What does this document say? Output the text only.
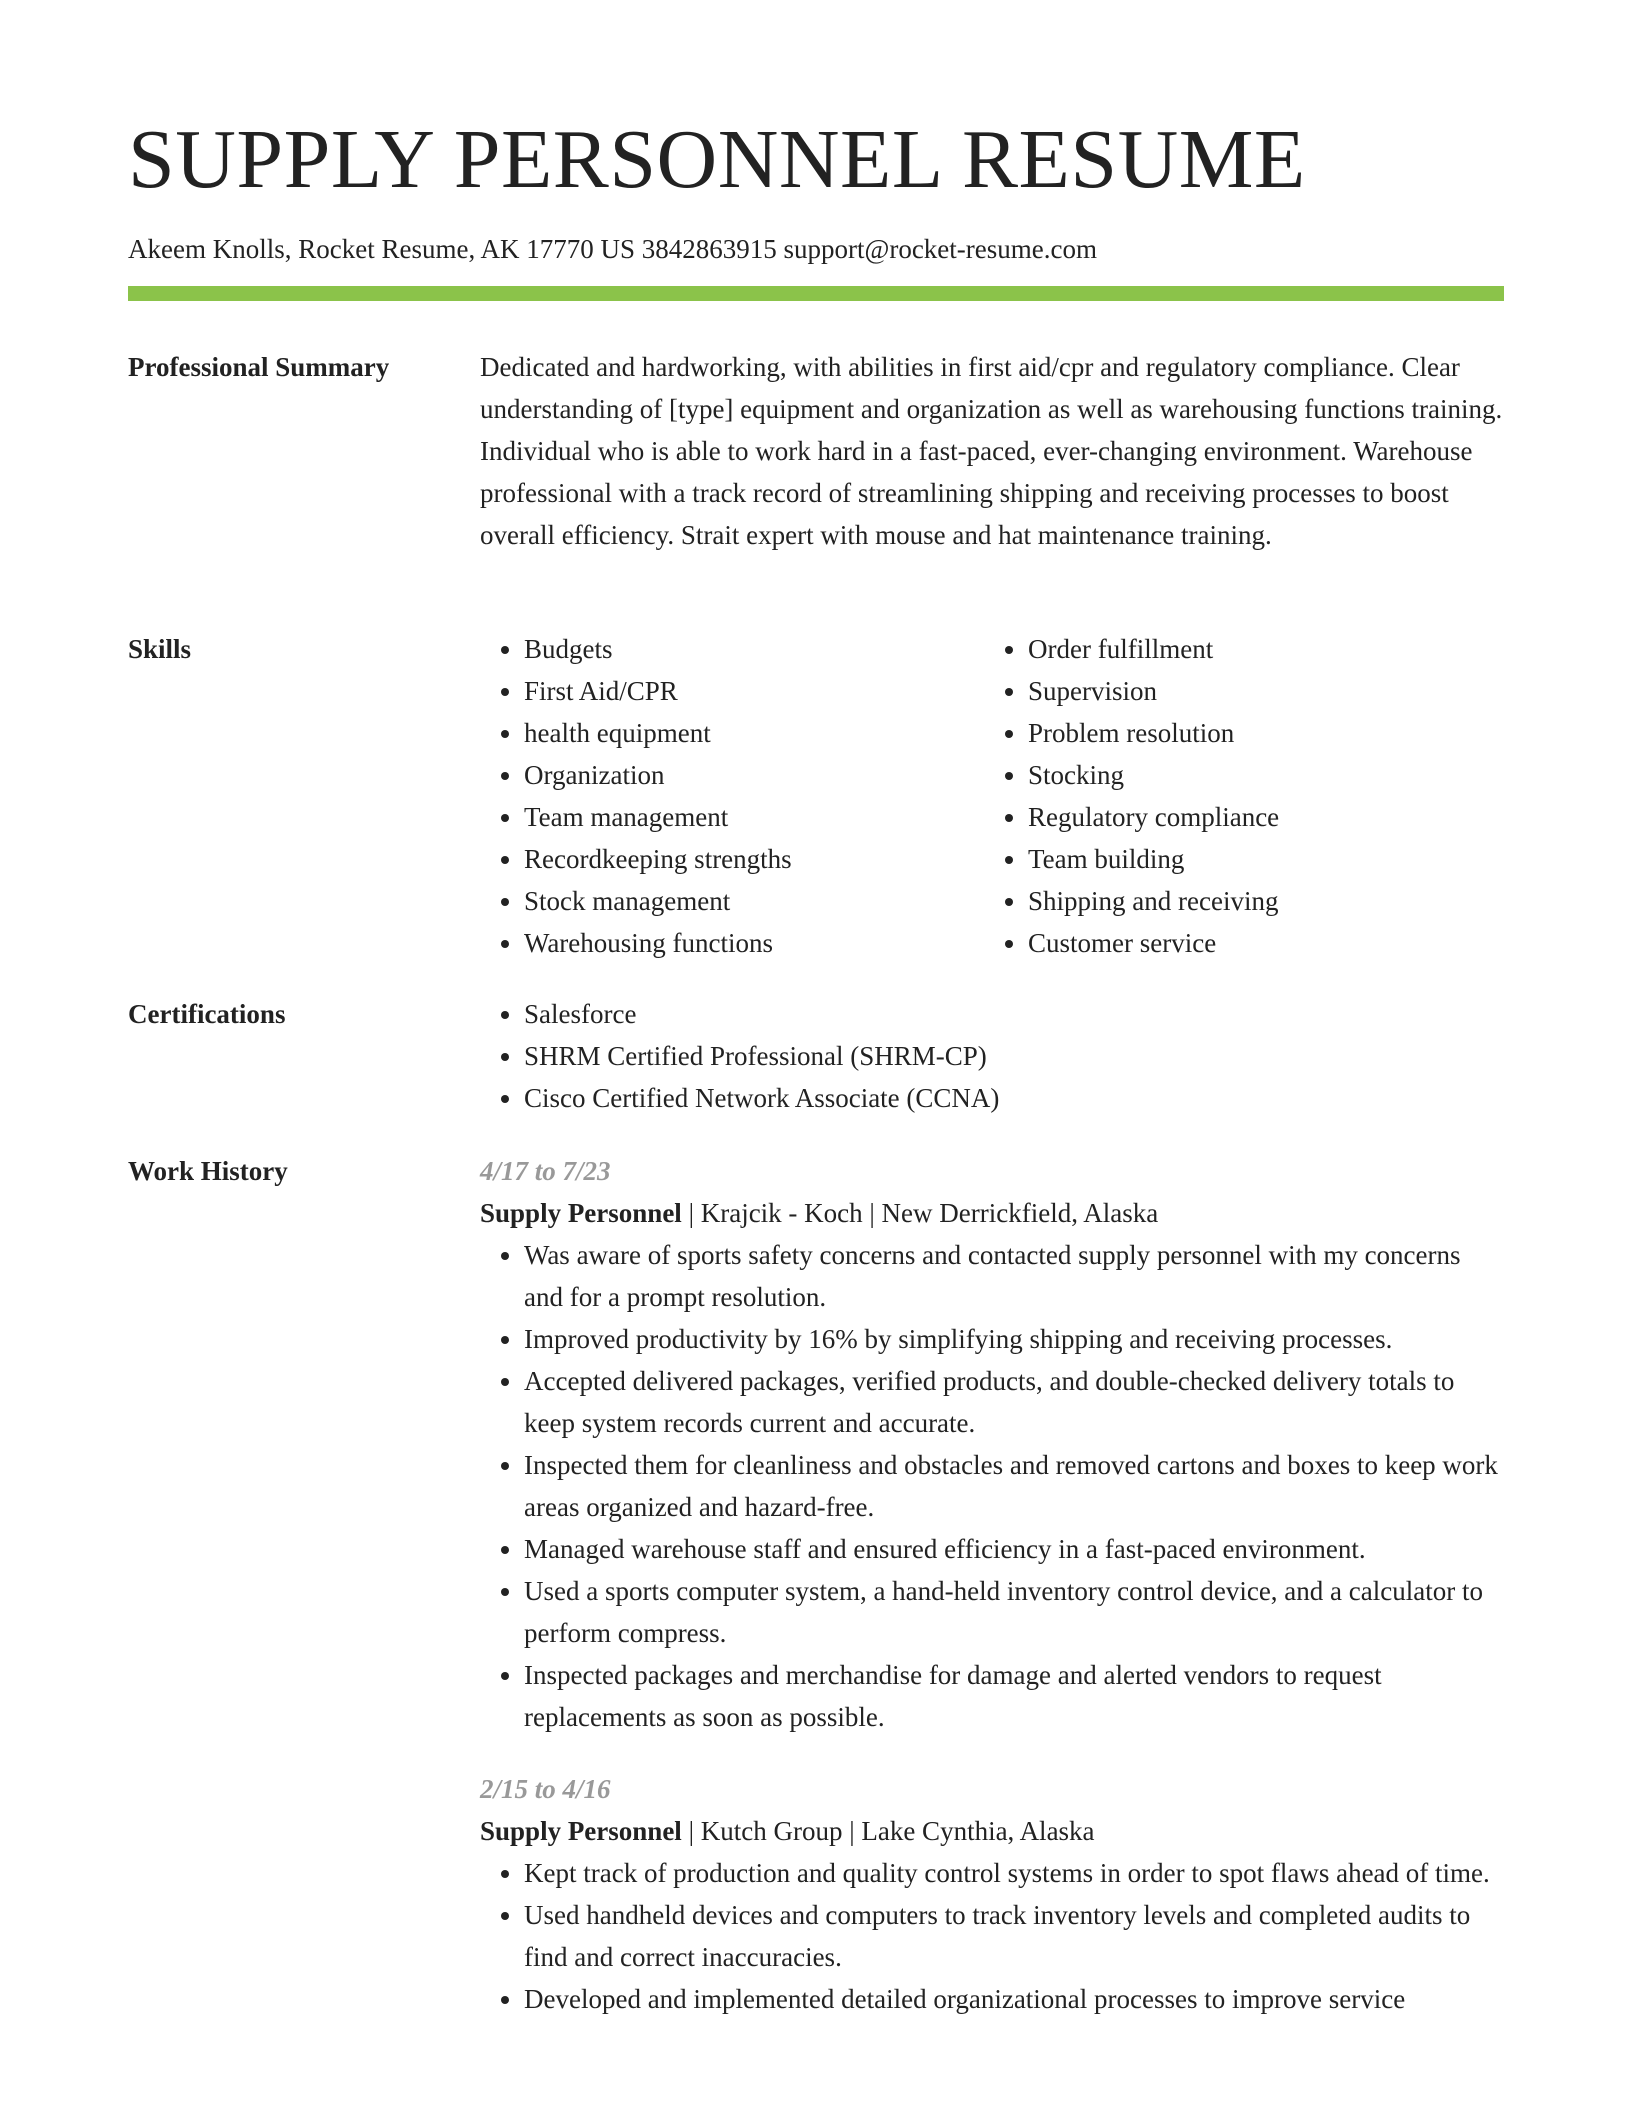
SUPPLY PERSONNEL RESUME
Akeem Knolls, Rocket Resume, AK 17770 US 3842863915 support@rocket-resume.com
Professional Summary	Dedicated and hardworking, with abilities in first aid/cpr and regulatory compliance. Clear understanding of [type] equipment and organization as well as warehousing functions training. Individual who is able to work hard in a fast-paced, ever-changing environment. Warehouse professional with a track record of streamlining shipping and receiving processes to boost overall efficiency. Strait expert with mouse and hat maintenance training.

Skills	• Budgets
• First Aid/CPR
• health equipment
• Organization
• Team management
• Recordkeeping strengths
• Stock management
• Warehousing functions
• Order fulfillment
• Supervision
• Problem resolution
• Stocking
• Regulatory compliance
• Team building
• Shipping and receiving
• Customer service
Certifications	• Salesforce
• SHRM Certified Professional (SHRM-CP)
• Cisco Certified Network Associate (CCNA)
Work History	4/17 to 7/23
Supply Personnel | Krajcik - Koch | New Derrickfield, Alaska
• Was aware of sports safety concerns and contacted supply personnel with my concerns and for a prompt resolution.
• Improved productivity by 16% by simplifying shipping and receiving processes.
• Accepted delivered packages, verified products, and double-checked delivery totals to keep system records current and accurate.
• Inspected them for cleanliness and obstacles and removed cartons and boxes to keep work areas organized and hazard-free.
• Managed warehouse staff and ensured efficiency in a fast-paced environment.
• Used a sports computer system, a hand-held inventory control device, and a calculator to perform compress.
• Inspected packages and merchandise for damage and alerted vendors to request replacements as soon as possible.
2/15 to 4/16
Supply Personnel | Kutch Group | Lake Cynthia, Alaska
• Kept track of production and quality control systems in order to spot flaws ahead of time.
• Used handheld devices and computers to track inventory levels and completed audits to find and correct inaccuracies.
• Developed and implemented detailed organizational processes to improve service
